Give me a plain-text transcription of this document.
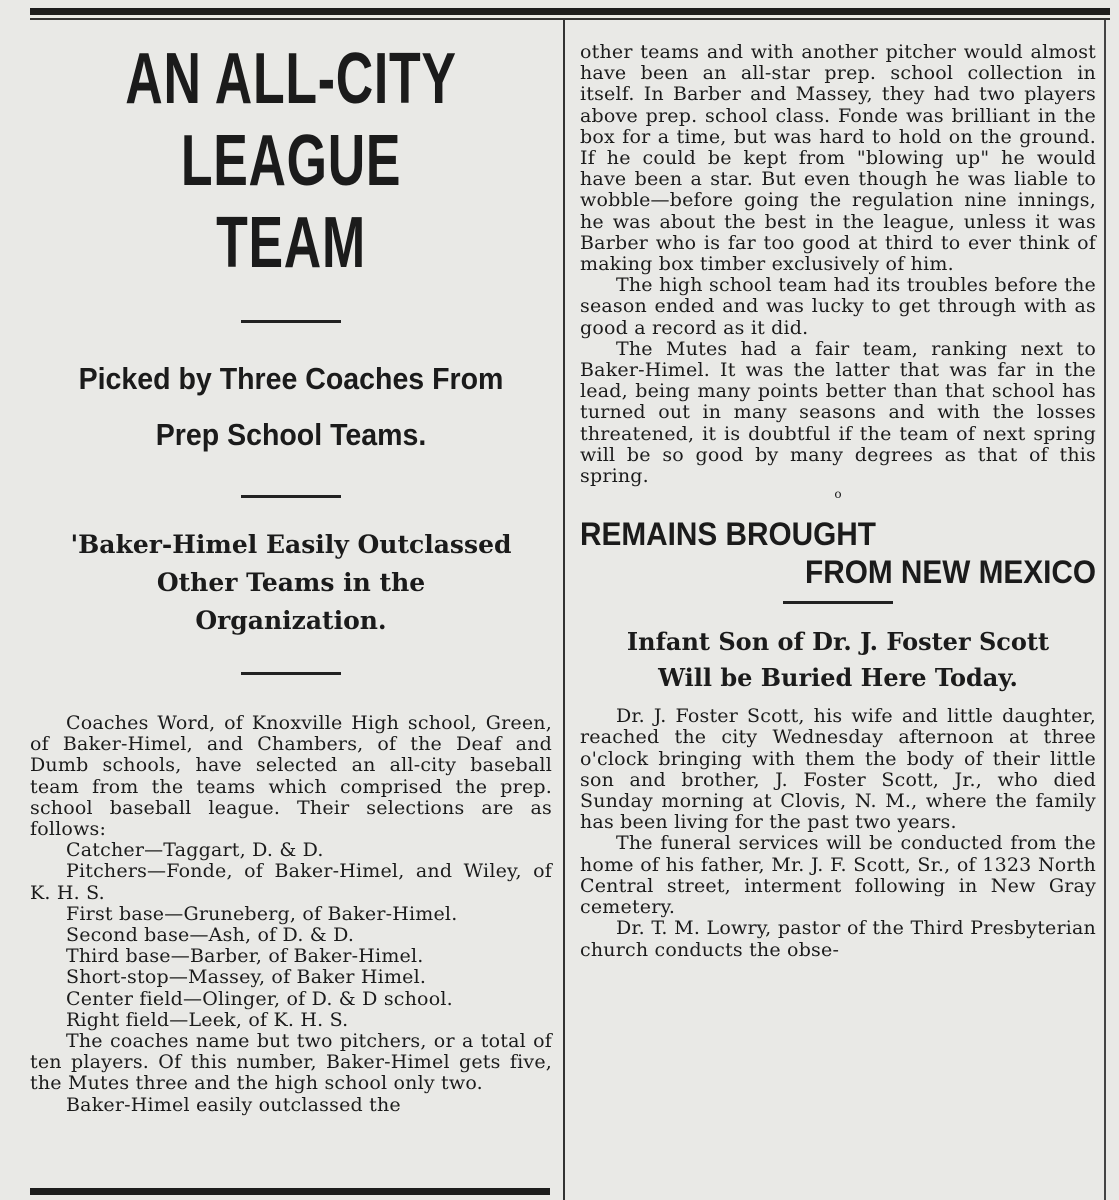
AN ALL-CITY
LEAGUE TEAM
Picked by Three Coaches From
Prep School Teams.
'Baker-Himel Easily Outclassed
Other Teams in the
Organization.

Coaches Word, of Knoxville High school, Green, of Baker-Himel, and Chambers, of the Deaf and Dumb schools, have selected an all-city baseball team from the teams which comprised the prep. school baseball league. Their selections are as follows:

Catcher—Taggart, D. & D.

Pitchers—Fonde, of Baker-Himel, and Wiley, of K. H. S.

First base—Gruneberg, of Baker-Himel.

Second base—Ash, of D. & D.

Third base—Barber, of Baker-Himel.

Short-stop—Massey, of Baker Himel.

Center field—Olinger, of D. & D school.

Right field—Leek, of K. H. S.

The coaches name but two pitchers, or a total of ten players. Of this number, Baker-Himel gets five, the Mutes three and the high school only two.

Baker-Himel easily outclassed the

other teams and with another pitcher would almost have been an all-star prep. school collection in itself. In Barber and Massey, they had two players above prep. school class. Fonde was brilliant in the box for a time, but was hard to hold on the ground. If he could be kept from "blowing up" he would have been a star. But even though he was liable to wobble—before going the regulation nine innings, he was about the best in the league, unless it was Barber who is far too good at third to ever think of making box timber exclusively of him.

The high school team had its troubles before the season ended and was lucky to get through with as good a record as it did.

The Mutes had a fair team, ranking next to Baker-Himel. It was the latter that was far in the lead, being many points better than that school has turned out in many seasons and with the losses threatened, it is doubtful if the team of next spring will be so good by many degrees as that of this spring.

o

REMAINS BROUGHT
FROM NEW MEXICO
Infant Son of Dr. J. Foster Scott
Will be Buried Here Today.

Dr. J. Foster Scott, his wife and little daughter, reached the city Wednesday afternoon at three o'clock bringing with them the body of their little son and brother, J. Foster Scott, Jr., who died Sunday morning at Clovis, N. M., where the family has been living for the past two years.

The funeral services will be conducted from the home of his father, Mr. J. F. Scott, Sr., of 1323 North Central street, interment following in New Gray cemetery.

Dr. T. M. Lowry, pastor of the Third Presbyterian church conducts the obse-
